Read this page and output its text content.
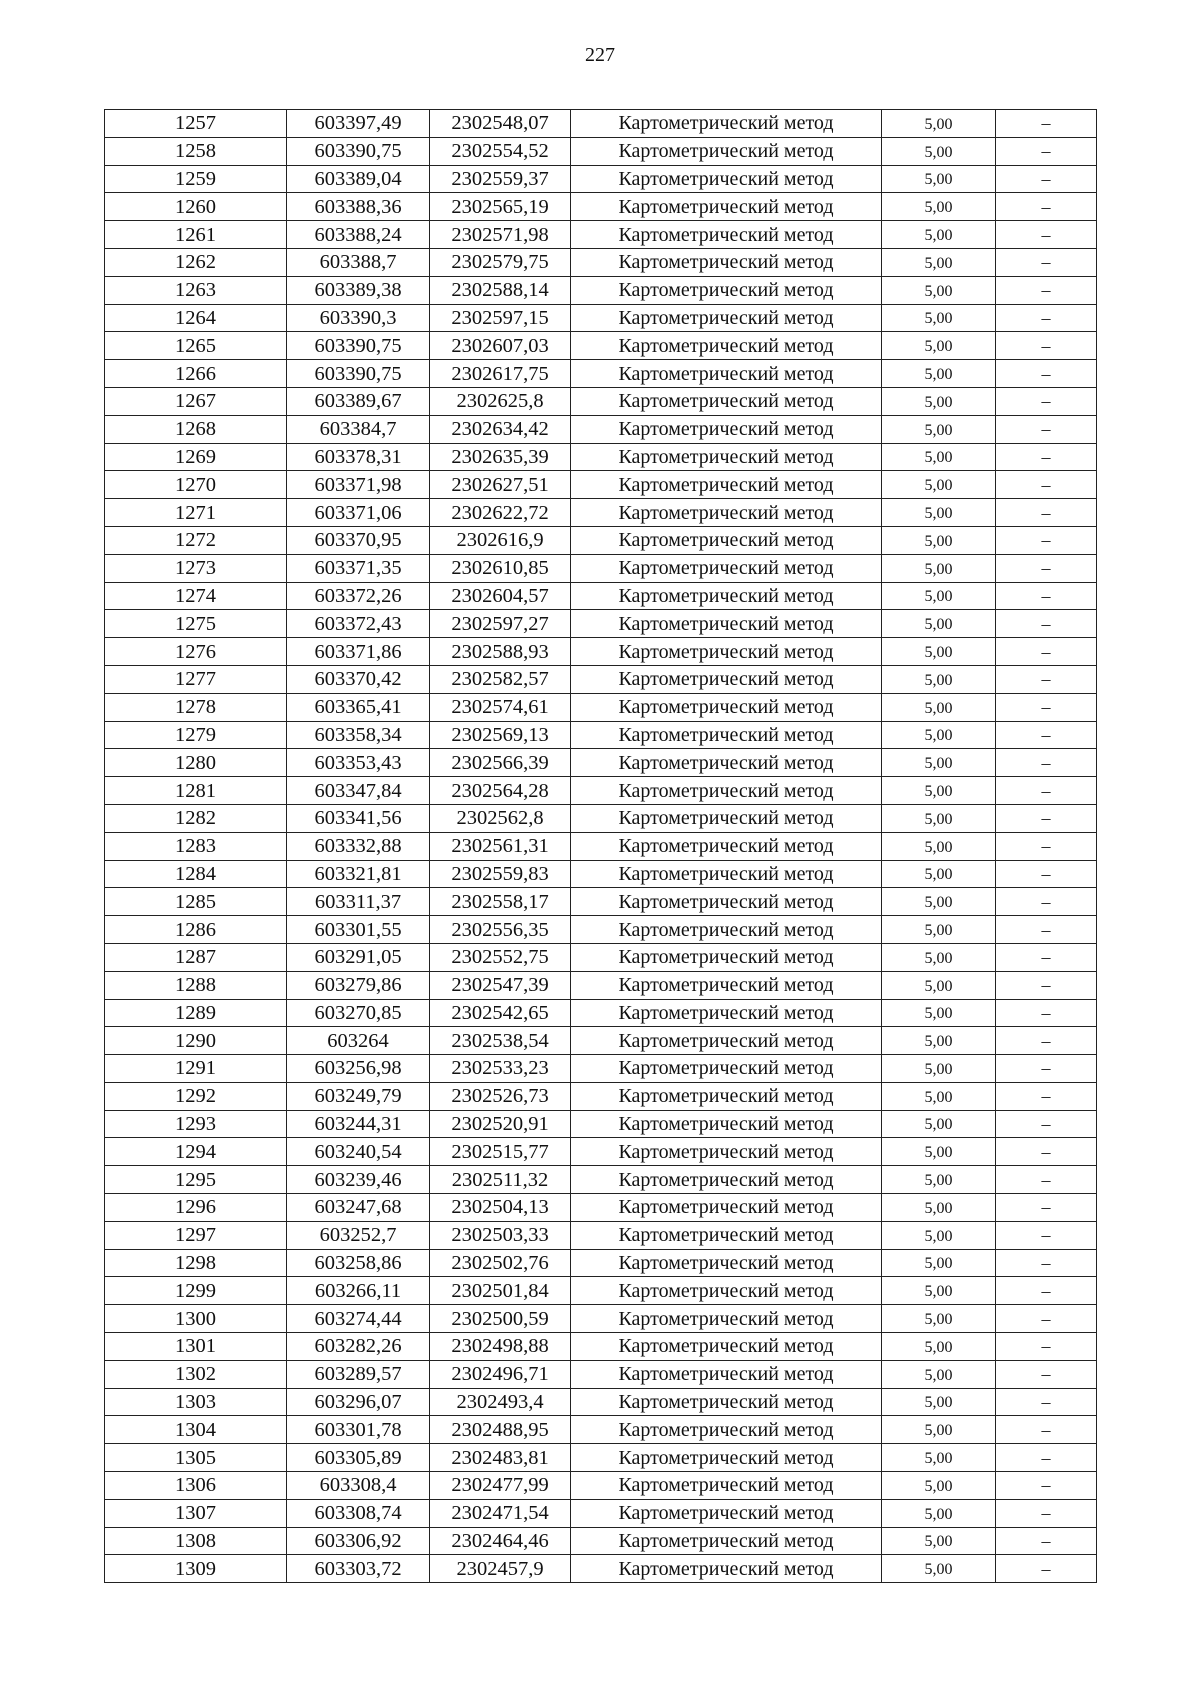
227
1257	603397,49	2302548,07	Картометрический метод	5,00	–
1258	603390,75	2302554,52	Картометрический метод	5,00	–
1259	603389,04	2302559,37	Картометрический метод	5,00	–
1260	603388,36	2302565,19	Картометрический метод	5,00	–
1261	603388,24	2302571,98	Картометрический метод	5,00	–
1262	603388,7	2302579,75	Картометрический метод	5,00	–
1263	603389,38	2302588,14	Картометрический метод	5,00	–
1264	603390,3	2302597,15	Картометрический метод	5,00	–
1265	603390,75	2302607,03	Картометрический метод	5,00	–
1266	603390,75	2302617,75	Картометрический метод	5,00	–
1267	603389,67	2302625,8	Картометрический метод	5,00	–
1268	603384,7	2302634,42	Картометрический метод	5,00	–
1269	603378,31	2302635,39	Картометрический метод	5,00	–
1270	603371,98	2302627,51	Картометрический метод	5,00	–
1271	603371,06	2302622,72	Картометрический метод	5,00	–
1272	603370,95	2302616,9	Картометрический метод	5,00	–
1273	603371,35	2302610,85	Картометрический метод	5,00	–
1274	603372,26	2302604,57	Картометрический метод	5,00	–
1275	603372,43	2302597,27	Картометрический метод	5,00	–
1276	603371,86	2302588,93	Картометрический метод	5,00	–
1277	603370,42	2302582,57	Картометрический метод	5,00	–
1278	603365,41	2302574,61	Картометрический метод	5,00	–
1279	603358,34	2302569,13	Картометрический метод	5,00	–
1280	603353,43	2302566,39	Картометрический метод	5,00	–
1281	603347,84	2302564,28	Картометрический метод	5,00	–
1282	603341,56	2302562,8	Картометрический метод	5,00	–
1283	603332,88	2302561,31	Картометрический метод	5,00	–
1284	603321,81	2302559,83	Картометрический метод	5,00	–
1285	603311,37	2302558,17	Картометрический метод	5,00	–
1286	603301,55	2302556,35	Картометрический метод	5,00	–
1287	603291,05	2302552,75	Картометрический метод	5,00	–
1288	603279,86	2302547,39	Картометрический метод	5,00	–
1289	603270,85	2302542,65	Картометрический метод	5,00	–
1290	603264	2302538,54	Картометрический метод	5,00	–
1291	603256,98	2302533,23	Картометрический метод	5,00	–
1292	603249,79	2302526,73	Картометрический метод	5,00	–
1293	603244,31	2302520,91	Картометрический метод	5,00	–
1294	603240,54	2302515,77	Картометрический метод	5,00	–
1295	603239,46	2302511,32	Картометрический метод	5,00	–
1296	603247,68	2302504,13	Картометрический метод	5,00	–
1297	603252,7	2302503,33	Картометрический метод	5,00	–
1298	603258,86	2302502,76	Картометрический метод	5,00	–
1299	603266,11	2302501,84	Картометрический метод	5,00	–
1300	603274,44	2302500,59	Картометрический метод	5,00	–
1301	603282,26	2302498,88	Картометрический метод	5,00	–
1302	603289,57	2302496,71	Картометрический метод	5,00	–
1303	603296,07	2302493,4	Картометрический метод	5,00	–
1304	603301,78	2302488,95	Картометрический метод	5,00	–
1305	603305,89	2302483,81	Картометрический метод	5,00	–
1306	603308,4	2302477,99	Картометрический метод	5,00	–
1307	603308,74	2302471,54	Картометрический метод	5,00	–
1308	603306,92	2302464,46	Картометрический метод	5,00	–
1309	603303,72	2302457,9	Картометрический метод	5,00	–
